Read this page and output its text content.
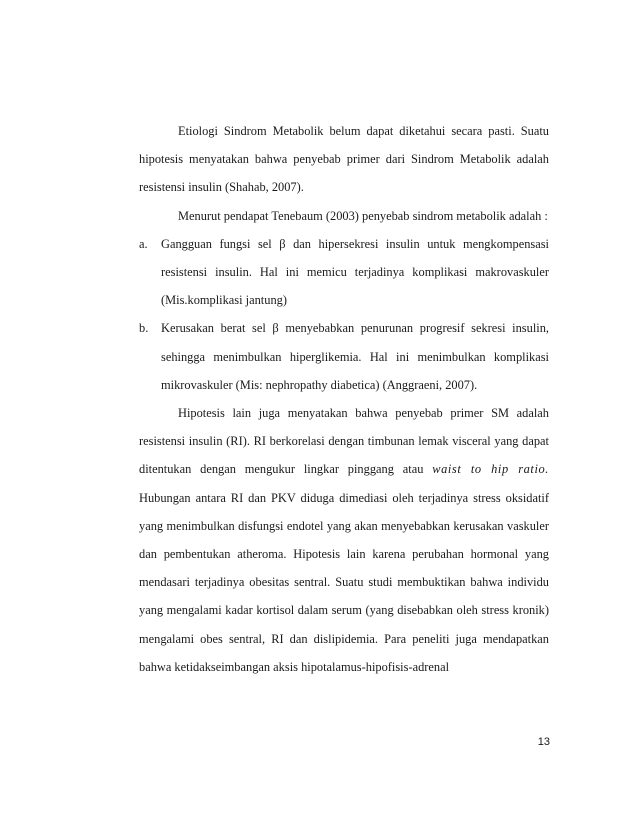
Etiologi Sindrom Metabolik belum dapat diketahui secara pasti. Suatu hipotesis menyatakan bahwa penyebab primer dari Sindrom Metabolik adalah resistensi insulin (Shahab, 2007).

Menurut pendapat Tenebaum (2003) penyebab sindrom metabolik adalah :

a. Gangguan fungsi sel β dan hipersekresi insulin untuk mengkompensasi resistensi insulin. Hal ini memicu terjadinya komplikasi makrovaskuler (Mis.komplikasi jantung)
b. Kerusakan berat sel β menyebabkan penurunan progresif sekresi insulin, sehingga menimbulkan hiperglikemia. Hal ini menimbulkan komplikasi mikrovaskuler (Mis: nephropathy diabetica) (Anggraeni, 2007).

Hipotesis lain juga menyatakan bahwa penyebab primer SM adalah resistensi insulin (RI). RI berkorelasi dengan timbunan lemak visceral yang dapat ditentukan dengan mengukur lingkar pinggang atau waist to hip ratio. Hubungan antara RI dan PKV diduga dimediasi oleh terjadinya stress oksidatif yang menimbulkan disfungsi endotel yang akan menyebabkan kerusakan vaskuler dan pembentukan atheroma. Hipotesis lain karena perubahan hormonal yang mendasari terjadinya obesitas sentral. Suatu studi membuktikan bahwa individu yang mengalami kadar kortisol dalam serum (yang disebabkan oleh stress kronik) mengalami obes sentral, RI dan dislipidemia. Para peneliti juga mendapatkan bahwa ketidakseimbangan aksis hipotalamus-hipofisis-adrenal

13
